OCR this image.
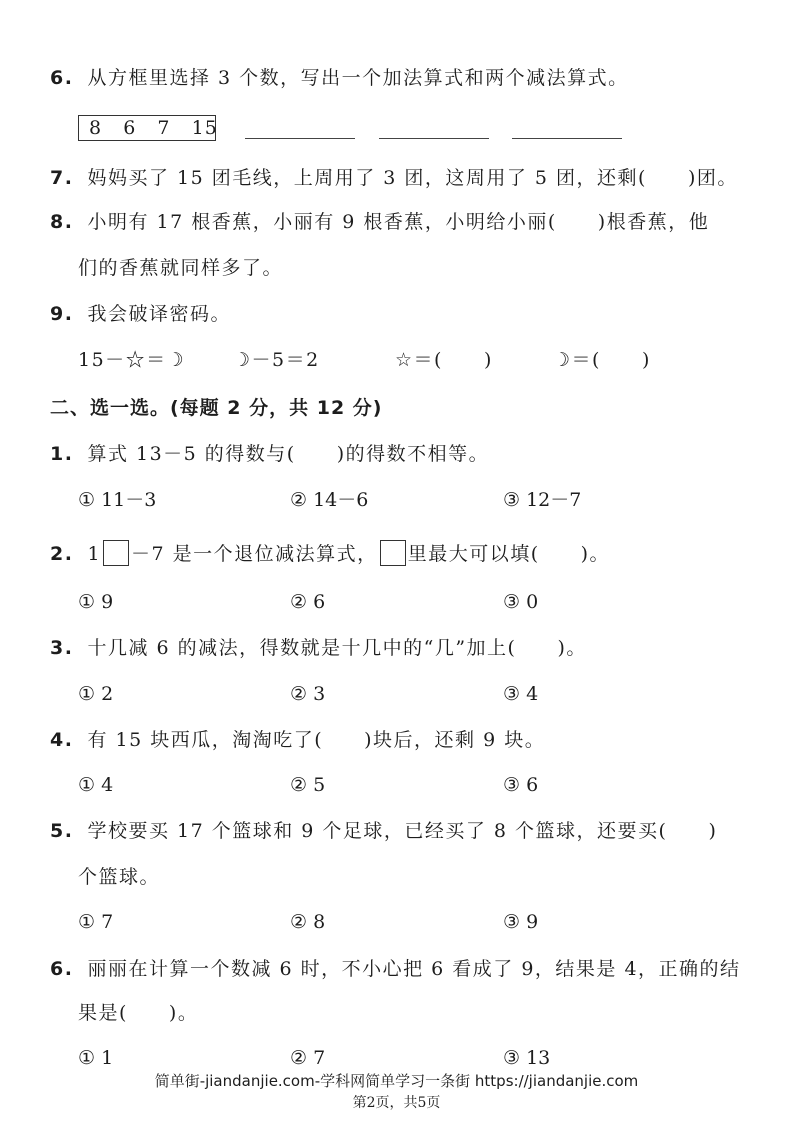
6. 从方框里选择 3 个数，写出一个加法算式和两个减法算式。
8   6   7   15
7. 妈妈买了 15 团毛线，上周用了 3 团，这周用了 5 团，还剩(　　)团。
8. 小明有 17 根香蕉，小丽有 9 根香蕉，小明给小丽(　　)根香蕉，他
们的香蕉就同样多了。
9. 我会破译密码。
15－☆＝☽	☽－5＝2	☆＝(　　)	☽＝(　　)
二、选一选。(每题 2 分，共 12 分)
1. 算式 13－5 的得数与(　　)的得数不相等。
① 11－3	② 14－6	③ 12－7
2. 1 －7 是一个退位减法算式， 里最大可以填(　　)。
① 9	② 6	③ 0
3. 十几减 6 的减法，得数就是十几中的“几”加上(　　)。
① 2	② 3	③ 4
4. 有 15 块西瓜，淘淘吃了(　　)块后，还剩 9 块。
① 4	② 5	③ 6
5. 学校要买 17 个篮球和 9 个足球，已经买了 8 个篮球，还要买(　　)
个篮球。
① 7	② 8	③ 9
6. 丽丽在计算一个数减 6 时，不小心把 6 看成了 9，结果是 4，正确的结
果是(　　)。
① 1	② 7	③ 13
简单街-jiandanjie.com-学科网简单学习一条街 https://jiandanjie.com
第2页，共5页
